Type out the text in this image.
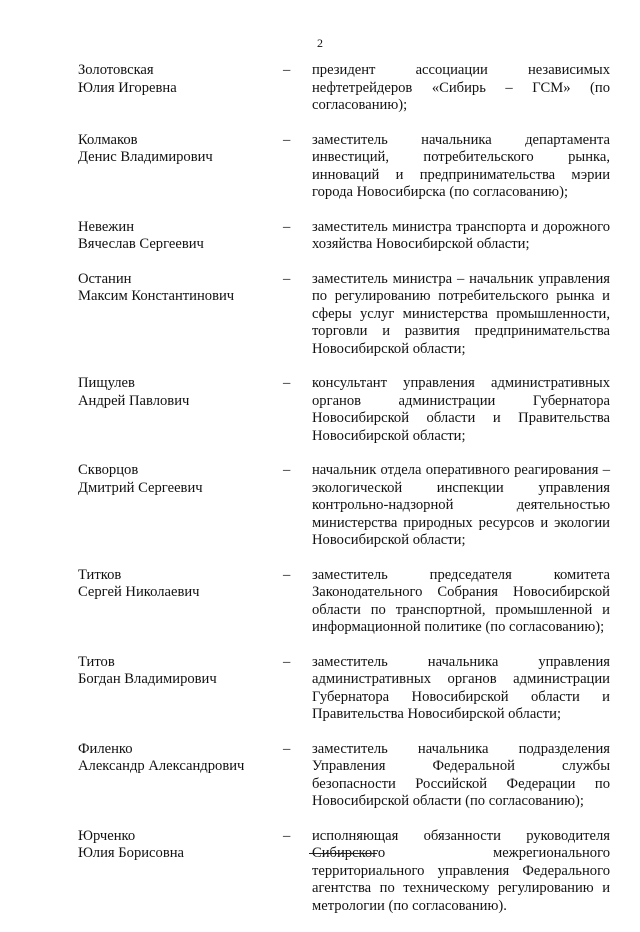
2
Золотовская
Юлия Игоревна
–	президент ассоциации независимых нефтетрейдеров «Сибирь – ГСМ» (по согласованию);
Колмаков
Денис Владимирович
–	заместитель начальника департамента инвестиций, потребительского рынка, инноваций и предпринимательства мэрии города Новосибирска (по согласованию);
Невежин
Вячеслав Сергеевич
–	заместитель министра транспорта и дорожного хозяйства Новосибирской области;
Останин
Максим Константинович
–	заместитель министра – начальник управления по регулированию потребительского рынка и сферы услуг министерства промышленности, торговли и развития предпринимательства Новосибирской области;
Пищулев
Андрей Павлович
–	консультант управления административных органов администрации Губернатора Новосибирской области и Правительства Новосибирской области;
Скворцов
Дмитрий Сергеевич
–	начальник отдела оперативного реагирования – экологической инспекции управления контрольно-надзорной деятельностью министерства природных ресурсов и экологии Новосибирской области;
Титков
Сергей Николаевич
–	заместитель председателя комитета Законодательного Собрания Новосибирской области по транспортной, промышленной и информационной политике (по согласованию);
Титов
Богдан Владимирович
–	заместитель начальника управления административных органов администрации Губернатора Новосибирской области и Правительства Новосибирской области;
Филенко
Александр Александрович
–	заместитель начальника подразделения Управления Федеральной службы безопасности Российской Федерации по Новосибирской области (по согласованию);
Юрченко
Юлия Борисовна
–	исполняющая обязанности руководителя Сибирского межрегионального территориального управления Федерального агентства по техническому регулированию и метрологии (по согласованию).
